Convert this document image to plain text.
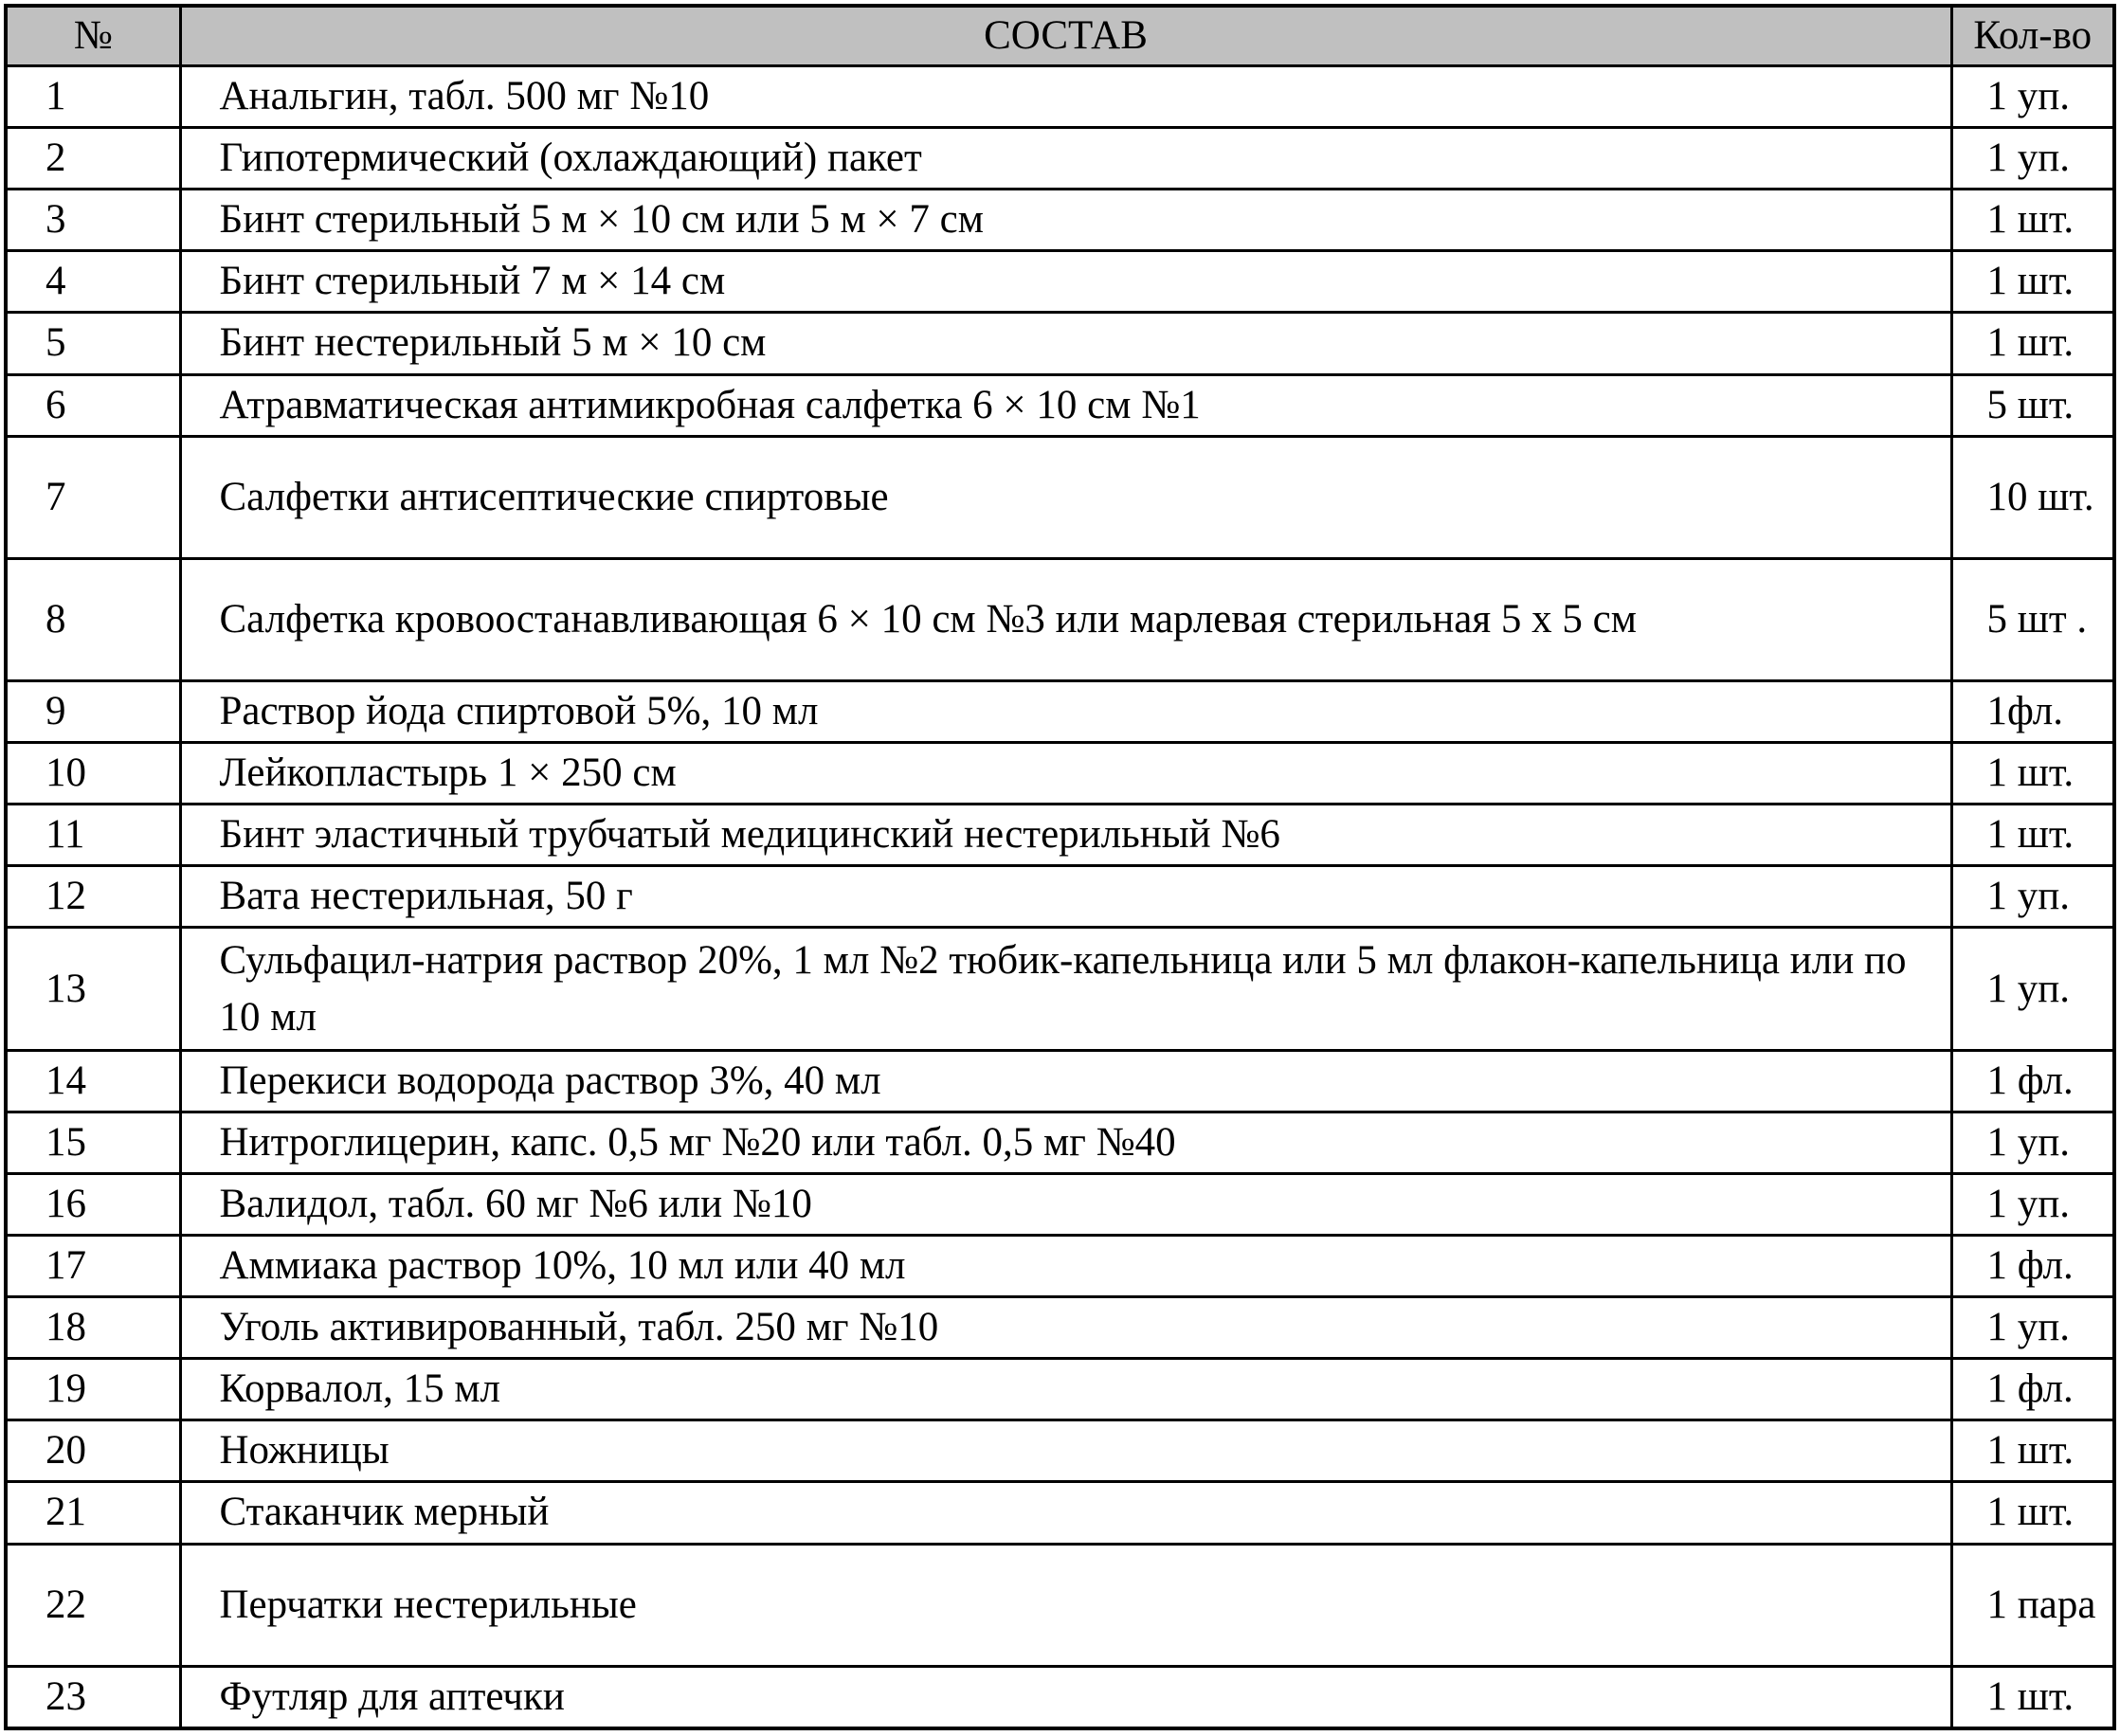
№	СОСТАВ	Кол-во
1	Анальгин, табл. 500 мг №10	1 уп.
2	Гипотермический (охлаждающий) пакет	1 уп.
3	Бинт стерильный 5 м × 10 см или 5 м × 7 см	1 шт.
4	Бинт стерильный 7 м × 14 см	1 шт.
5	Бинт нестерильный 5 м × 10 см	1 шт.
6	Атравматическая антимикробная салфетка 6 × 10 см №1	5 шт.
7	Салфетки антисептические спиртовые	10 шт.
8	Салфетка кровоостанавливающая 6 × 10 см №3 или марлевая стерильная 5 х 5 см	5 шт .
9	Раствор йода спиртовой 5%, 10 мл	1фл.
10	Лейкопластырь 1 × 250 см	1 шт.
11	Бинт эластичный трубчатый медицинский нестерильный №6	1 шт.
12	Вата нестерильная, 50 г	1 уп.
13	Сульфацил-натрия раствор 20%, 1 мл №2 тюбик-капельница или 5 мл флакон-капельница или по 10 мл	1 уп.
14	Перекиси водорода раствор 3%, 40 мл	1 фл.
15	Нитроглицерин, капс. 0,5 мг №20 или табл. 0,5 мг №40	1 уп.
16	Валидол, табл. 60 мг №6 или №10	1 уп.
17	Аммиака раствор 10%, 10 мл или 40 мл	1 фл.
18	Уголь активированный, табл. 250 мг №10	1 уп.
19	Корвалол, 15 мл	1 фл.
20	Ножницы	1 шт.
21	Стаканчик мерный	1 шт.
22	Перчатки нестерильные	1 пара
23	Футляр для аптечки	1 шт.
